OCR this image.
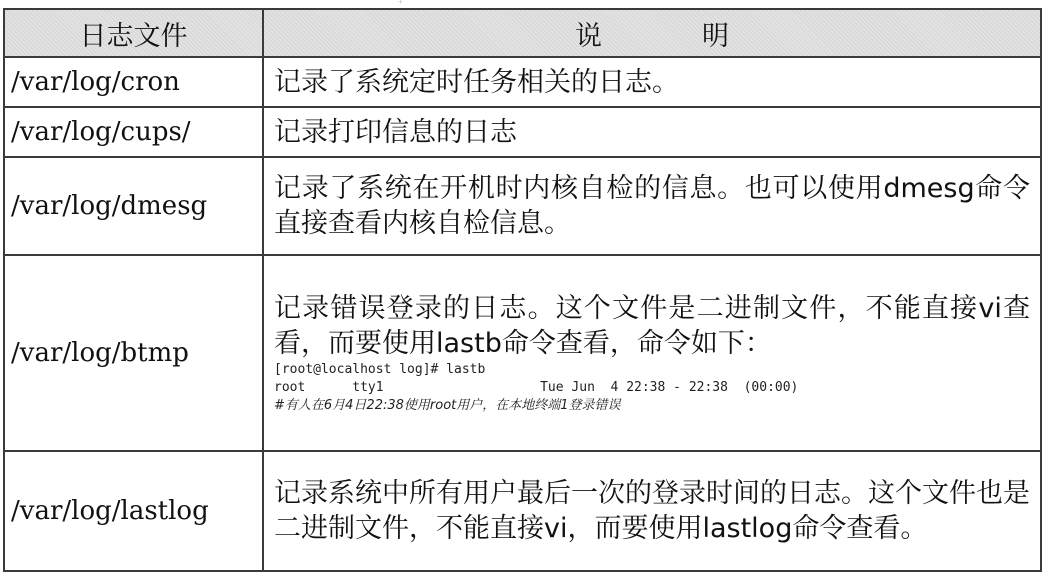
+
日志文件	说 明
/var/log/cron	记录了系统定时任务相关的日志。
/var/log/cups/	记录打印信息的日志
/var/log/dmesg	记录了系统在开机时内核自检的信息。也可以使用dmesg命令直接查看内核自检信息。
/var/log/btmp	记录错误登录的日志。这个文件是二进制文件，不能直接vi查看，而要使用lastb命令查看，命令如下：
[root@localhost log]# lastb
root      tty1                    Tue Jun  4 22:38 - 22:38  (00:00)
#有人在6月4日22:38使用root用户，在本地终端1登录错误

/var/log/lastlog	记录系统中所有用户最后一次的登录时间的日志。这个文件也是二进制文件，不能直接vi，而要使用lastlog命令查看。
